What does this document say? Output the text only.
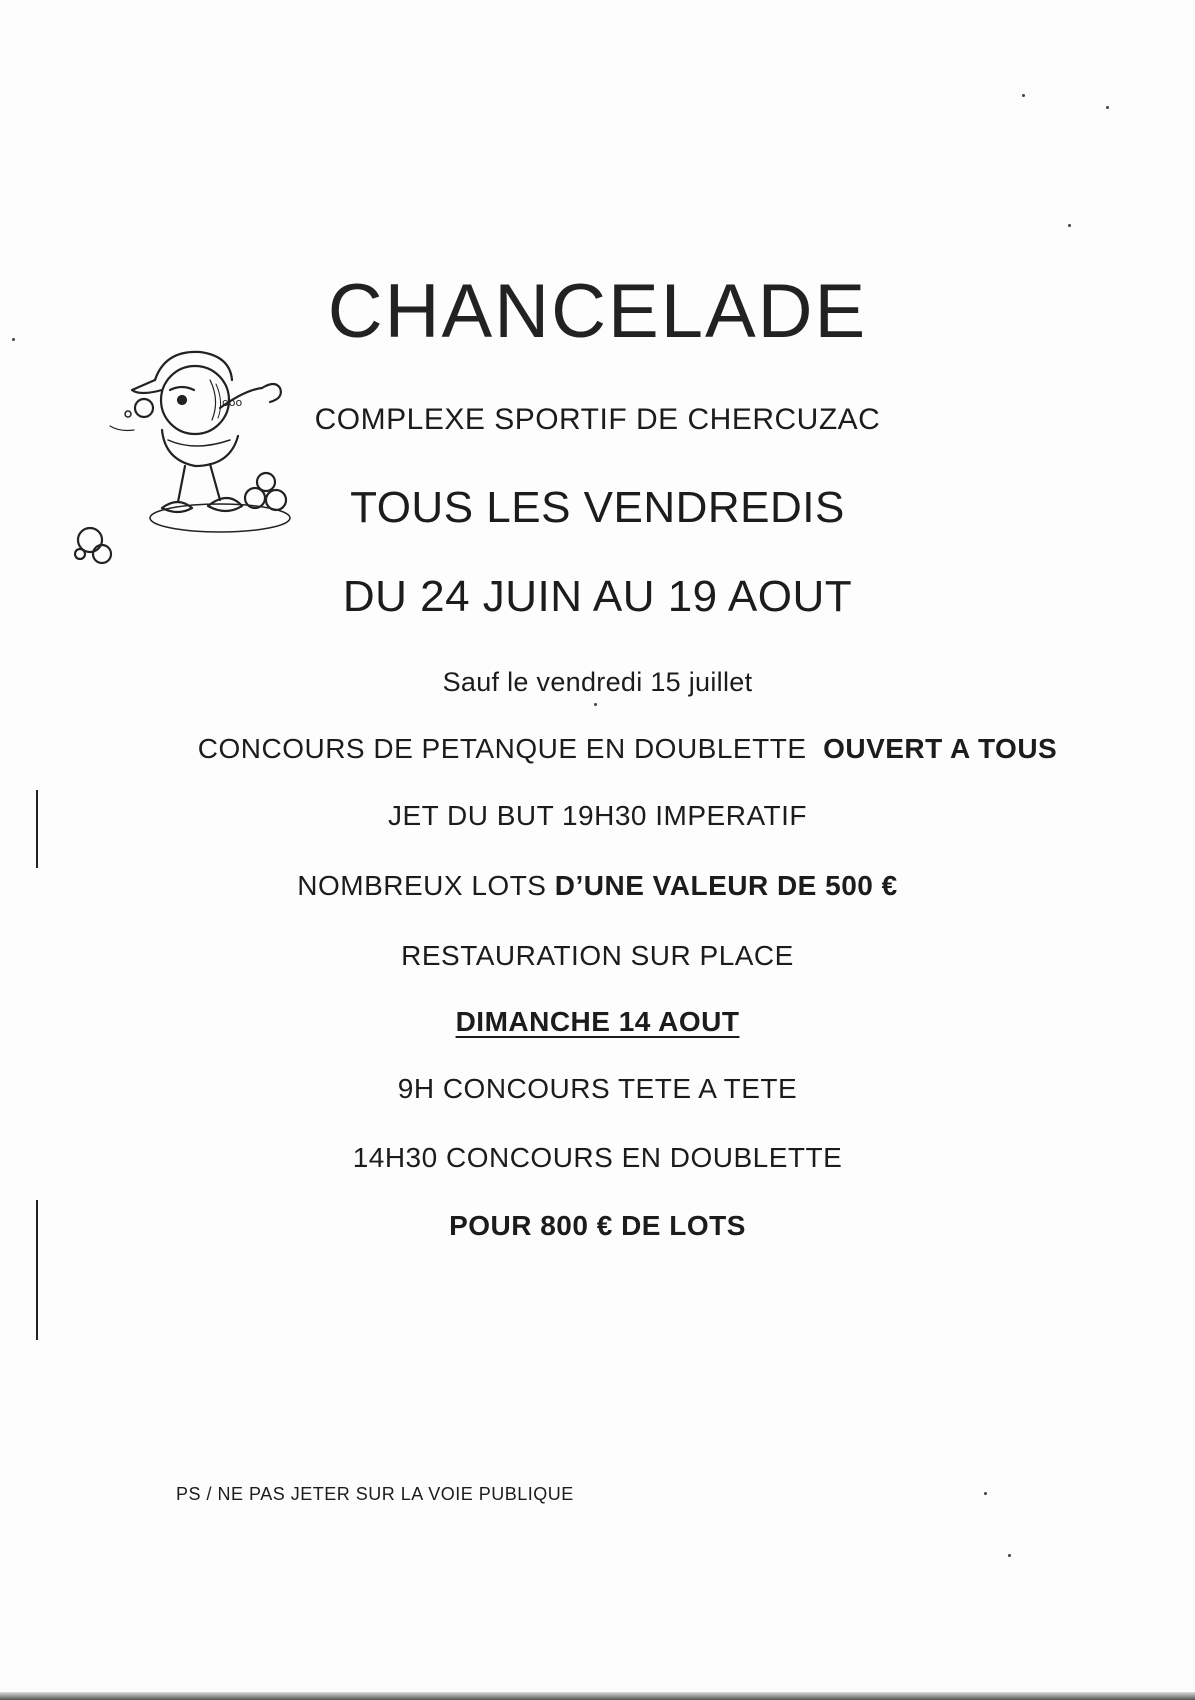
CHANCELADE
ooo
COMPLEXE SPORTIF DE CHERCUZAC
TOUS LES VENDREDIS
DU 24 JUIN AU 19 AOUT
Sauf le vendredi 15 juillet
CONCOURS DE PETANQUE EN DOUBLETTE OUVERT A TOUS
JET DU BUT 19H30 IMPERATIF
NOMBREUX LOTS D’UNE VALEUR DE 500 €
RESTAURATION SUR PLACE
DIMANCHE 14 AOUT
9H CONCOURS TETE A TETE
14H30 CONCOURS EN DOUBLETTE
POUR 800 € DE LOTS
PS / NE PAS JETER SUR LA VOIE PUBLIQUE
